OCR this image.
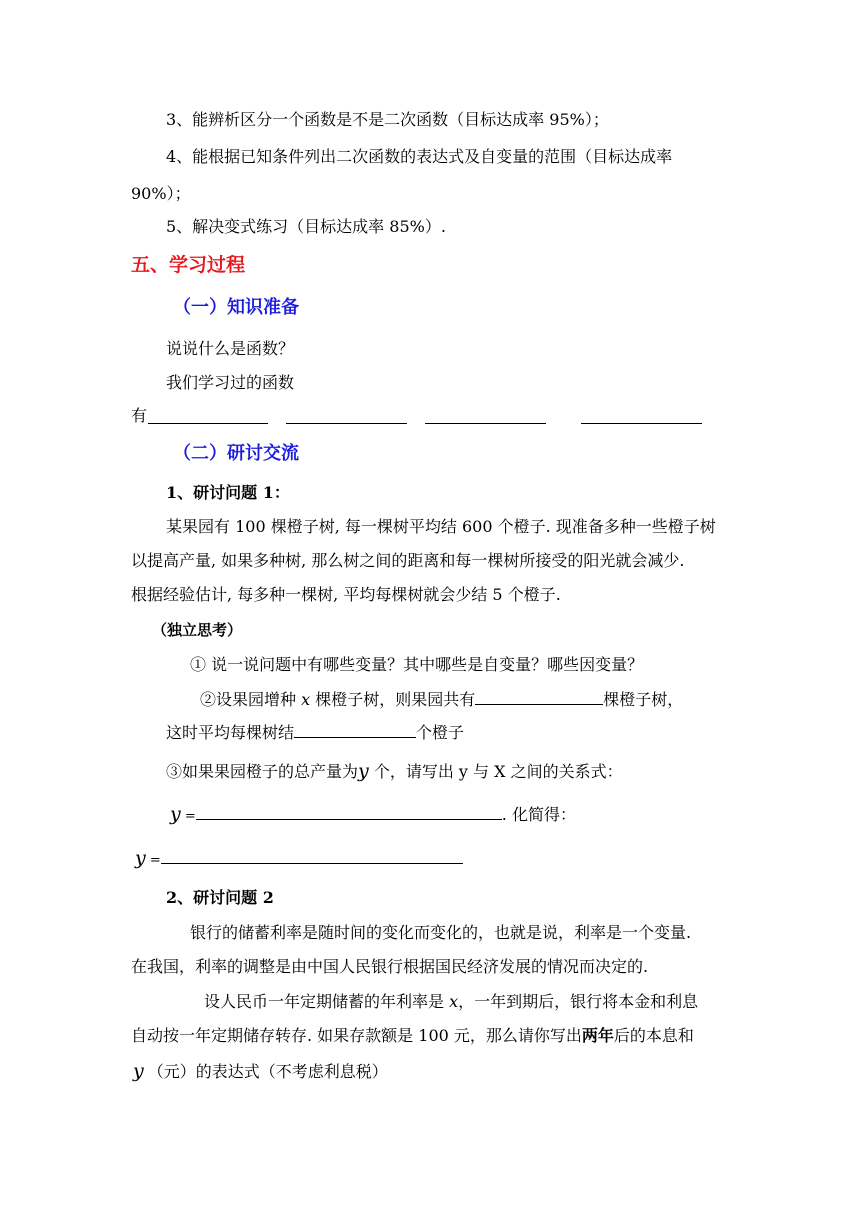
3、能辨析区分一个函数是不是二次函数（目标达成率 95%）；
4、能根据已知条件列出二次函数的表达式及自变量的范围（目标达成率
90%）；
5、解决变式练习（目标达成率 85%）.
五、学习过程
（一）知识准备
说说什么是函数？
我们学习过的函数
有
（二）研讨交流
1、研讨问题 1：
某果园有 100 棵橙子树, 每一棵树平均结 600 个橙子. 现准备多种一些橙子树
以提高产量, 如果多种树, 那么树之间的距离和每一棵树所接受的阳光就会减少.
根据经验估计, 每多种一棵树, 平均每棵树就会少结 5 个橙子.
（独立思考）
① 说一说问题中有哪些变量？其中哪些是自变量？哪些因变量？
②设果园增种 x 棵橙子树，则果园共有	棵橙子树，
这时平均每棵树结	个橙子
③如果果园橙子的总产量为y 个，请写出 y 与 X 之间的关系式：
y =	. 化简得：
y =
2、研讨问题 2
银行的储蓄利率是随时间的变化而变化的，也就是说，利率是一个变量.
在我国，利率的调整是由中国人民银行根据国民经济发展的情况而决定的.
设人民币一年定期储蓄的年利率是 x，一年到期后，银行将本金和利息
自动按一年定期储存转存. 如果存款额是 100 元，那么请你写出两年后的本息和
y （元）的表达式（不考虑利息税）
